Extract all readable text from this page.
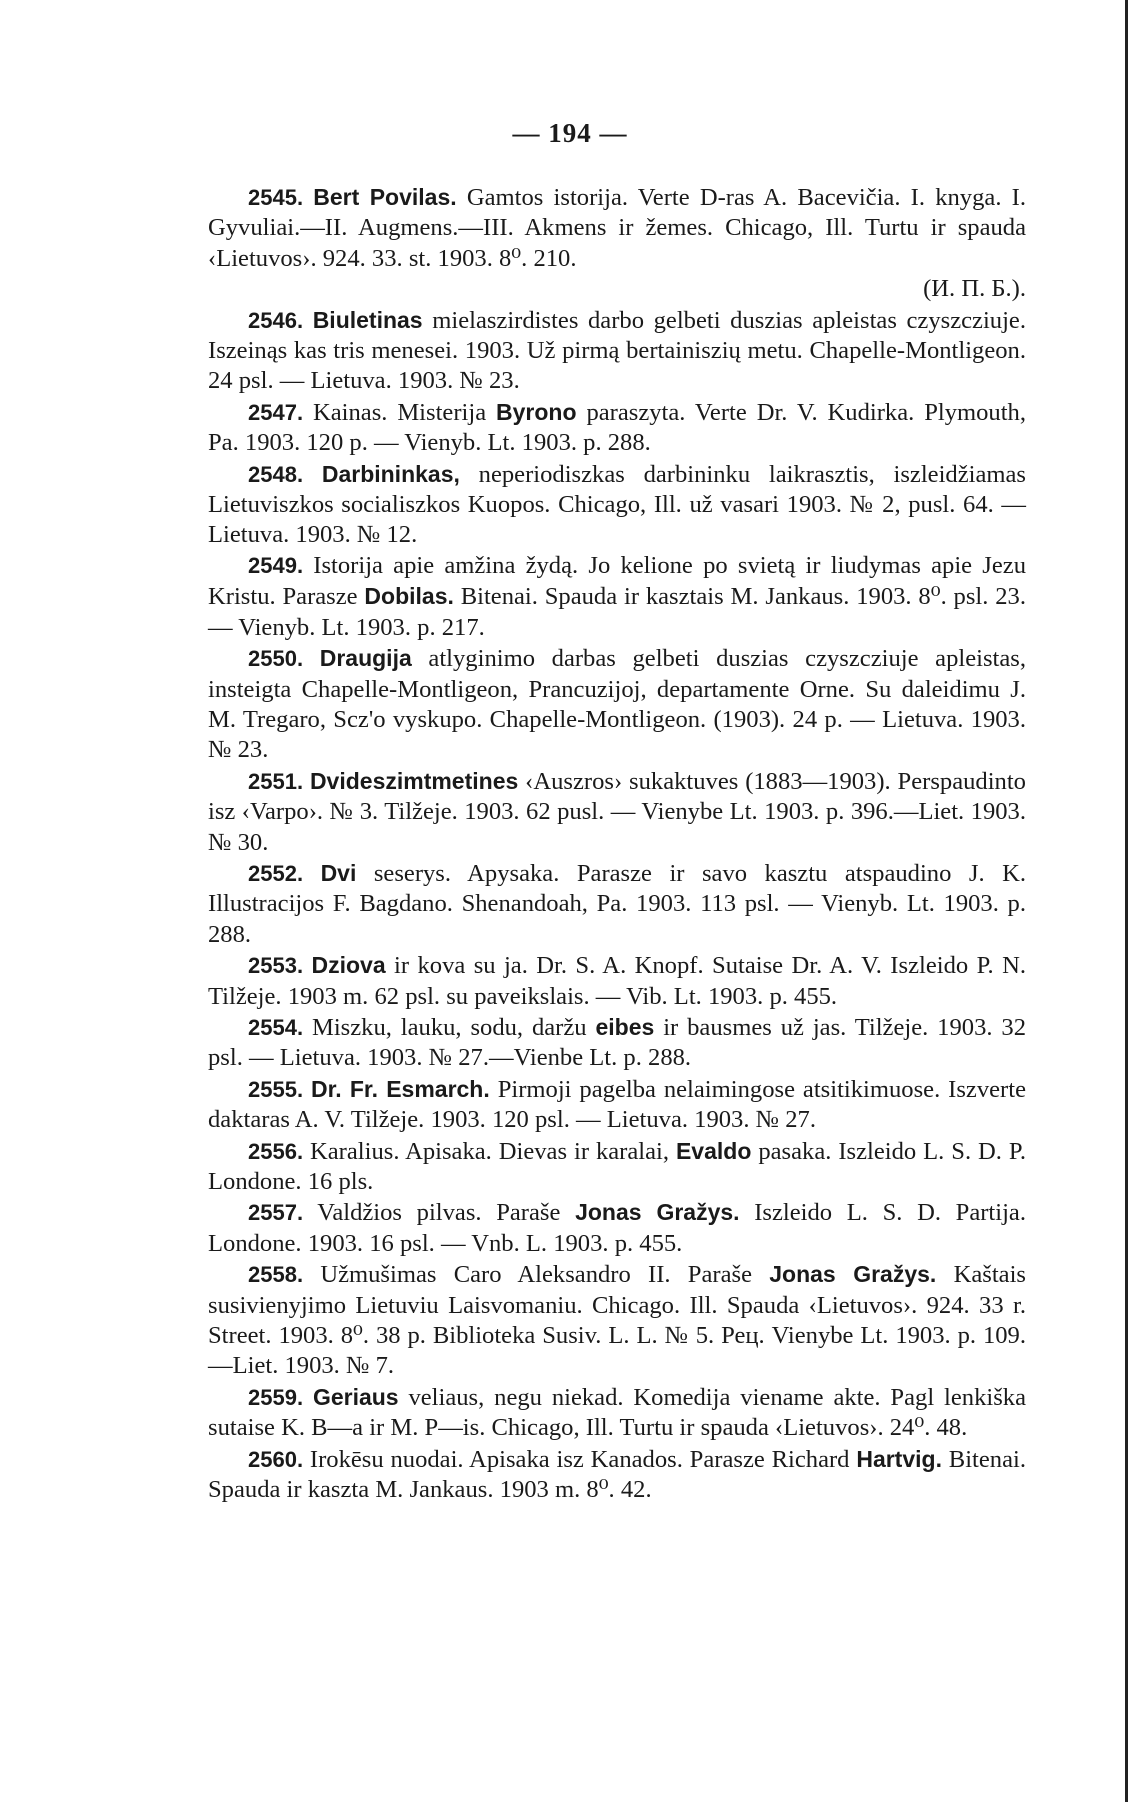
— 194 —

2545. Bert Povilas. Gamtos istorija. Verte D-ras A. Bacevičia. I. knyga. I. Gyvuliai.—II. Augmens.—III. Akmens ir žemes. Chicago, Ill. Turtu ir spauda ‹Lietuvos›. 924. 33. st. 1903. 8⁰. 210.
(И. П. Б.).

2546. Biuletinas mielaszirdistes darbo gelbeti duszias apleistas czyszcziuje. Iszeinąs kas tris menesei. 1903. Už pirmą bertainiszių metu. Chapelle-Montligeon. 24 psl. — Lietuva. 1903. № 23.

2547. Kainas. Misterija Byrono paraszyta. Verte Dr. V. Kudirka. Plymouth, Pa. 1903. 120 p. — Vienyb. Lt. 1903. p. 288.

2548. Darbininkas, neperiodiszkas darbininku laikrasztis, iszleidžiamas Lietuviszkos socialiszkos Kuopos. Chicago, Ill. už vasari 1903. № 2, pusl. 64. — Lietuva. 1903. № 12.

2549. Istorija apie amžina žydą. Jo kelione po svietą ir liudymas apie Jezu Kristu. Parasze Dobilas. Bitenai. Spauda ir kasztais M. Jankaus. 1903. 8⁰. psl. 23. — Vienyb. Lt. 1903. p. 217.

2550. Draugija atlyginimo darbas gelbeti duszias czyszcziuje apleistas, insteigta Chapelle-Montligeon, Prancuzijoj, departamente Orne. Su daleidimu J. M. Tregaro, Scz'o vyskupo. Chapelle-Montligeon. (1903). 24 p. — Lietuva. 1903. № 23.

2551. Dvideszimtmetines ‹Auszros› sukaktuves (1883—1903). Perspaudinto isz ‹Varpo›. № 3. Tilžeje. 1903. 62 pusl. — Vienybe Lt. 1903. p. 396.—Liet. 1903. № 30.

2552. Dvi seserys. Apysaka. Parasze ir savo kasztu atspaudino J. K. Illustracijos F. Bagdano. Shenandoah, Pa. 1903. 113 psl. — Vienyb. Lt. 1903. p. 288.

2553. Dziova ir kova su ja. Dr. S. A. Knopf. Sutaise Dr. A. V. Iszleido P. N. Tilžeje. 1903 m. 62 psl. su paveikslais. — Vib. Lt. 1903. p. 455.

2554. Miszku, lauku, sodu, daržu eibes ir bausmes už jas. Tilžeje. 1903. 32 psl. — Lietuva. 1903. № 27.—Vienbe Lt. p. 288.

2555. Dr. Fr. Esmarch. Pirmoji pagelba nelaimingose atsitikimuose. Iszverte daktaras A. V. Tilžeje. 1903. 120 psl. — Lietuva. 1903. № 27.

2556. Karalius. Apisaka. Dievas ir karalai, Evaldo pasaka. Iszleido L. S. D. P. Londone. 16 pls.

2557. Valdžios pilvas. Paraše Jonas Gražys. Iszleido L. S. D. Partija. Londone. 1903. 16 psl. — Vnb. L. 1903. p. 455.

2558. Užmušimas Caro Aleksandro II. Paraše Jonas Gražys. Kaštais susivienyjimo Lietuviu Laisvomaniu. Chicago. Ill. Spauda ‹Lietuvos›. 924. 33 r. Street. 1903. 8⁰. 38 p. Biblioteka Susiv. L. L. № 5. Рец. Vienybe Lt. 1903. p. 109.—Liet. 1903. № 7.

2559. Geriaus veliaus, negu niekad. Komedija viename akte. Pagl lenkiška sutaise K. B—a ir M. P—is. Chicago, Ill. Turtu ir spauda ‹Lietuvos›. 24⁰. 48.

2560. Irokēsu nuodai. Apisaka isz Kanados. Parasze Richard Hartvig. Bitenai. Spauda ir kaszta M. Jankaus. 1903 m. 8⁰. 42.
